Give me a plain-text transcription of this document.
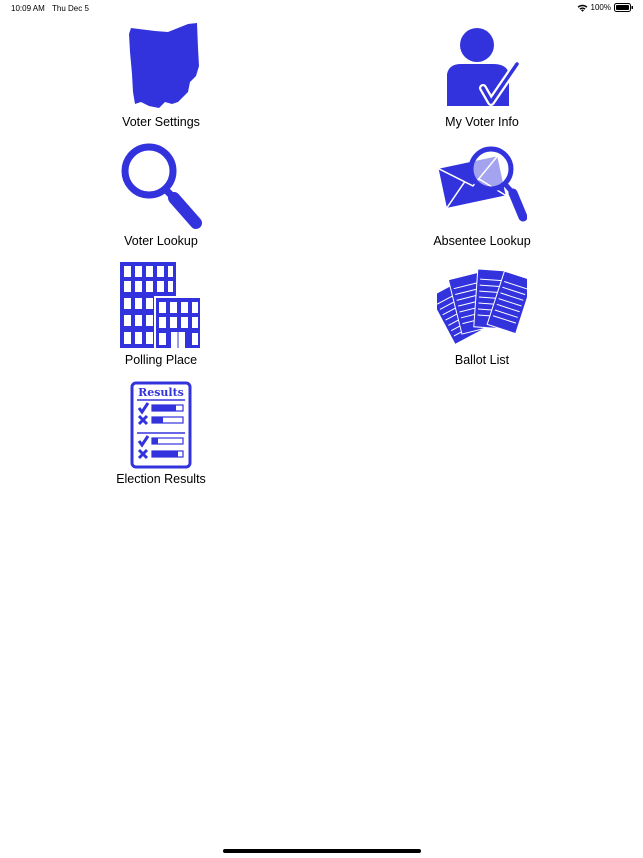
10:09 AM Thu Dec 5	100%
Voter Settings	My Voter Info
Voter Lookup	Absentee Lookup
Polling Place	Ballot List
Results
Election Results
